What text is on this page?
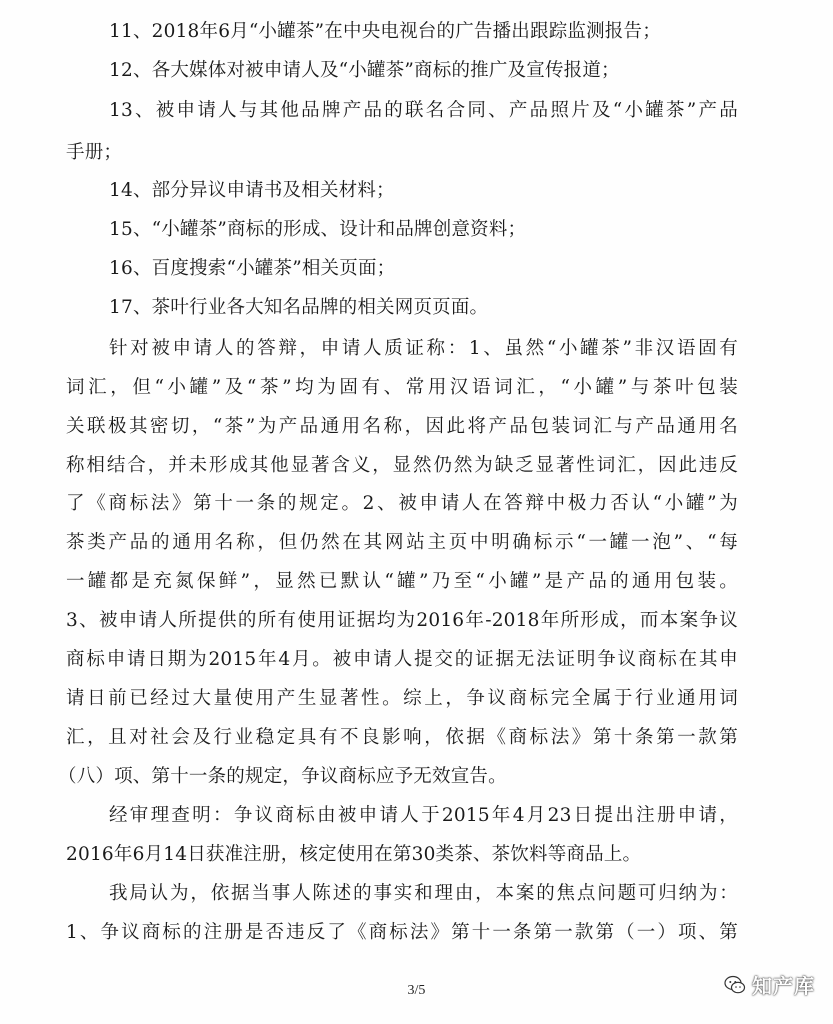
11、2018年6月“小罐茶”在中央电视台的广告播出跟踪监测报告；
12、各大媒体对被申请人及“小罐茶”商标的推广及宣传报道；
13、被申请人与其他品牌产品的联名合同、产品照片及“小罐茶”产品
手册；
14、部分异议申请书及相关材料；
15、“小罐茶”商标的形成、设计和品牌创意资料；
16、百度搜索“小罐茶”相关页面；
17、茶叶行业各大知名品牌的相关网页页面。
针对被申请人的答辩，申请人质证称：1、虽然“小罐茶”非汉语固有
词汇，但“小罐”及“茶”均为固有、常用汉语词汇，“小罐”与茶叶包装
关联极其密切，“茶”为产品通用名称，因此将产品包装词汇与产品通用名
称相结合，并未形成其他显著含义，显然仍然为缺乏显著性词汇，因此违反
了《商标法》第十一条的规定。2、被申请人在答辩中极力否认“小罐”为
茶类产品的通用名称，但仍然在其网站主页中明确标示“一罐一泡”、“每
一罐都是充氮保鲜”，显然已默认“罐”乃至“小罐”是产品的通用包装。
3、被申请人所提供的所有使用证据均为2016年-2018年所形成，而本案争议
商标申请日期为2015年4月。被申请人提交的证据无法证明争议商标在其申
请日前已经过大量使用产生显著性。综上，争议商标完全属于行业通用词
汇，且对社会及行业稳定具有不良影响，依据《商标法》第十条第一款第
（八）项、第十一条的规定，争议商标应予无效宣告。
经审理查明：争议商标由被申请人于2015年4月23日提出注册申请，
2016年6月14日获准注册，核定使用在第30类茶、茶饮料等商品上。
我局认为，依据当事人陈述的事实和理由，本案的焦点问题可归纳为：
1、争议商标的注册是否违反了《商标法》第十一条第一款第（一）项、第
3/5	知产库
